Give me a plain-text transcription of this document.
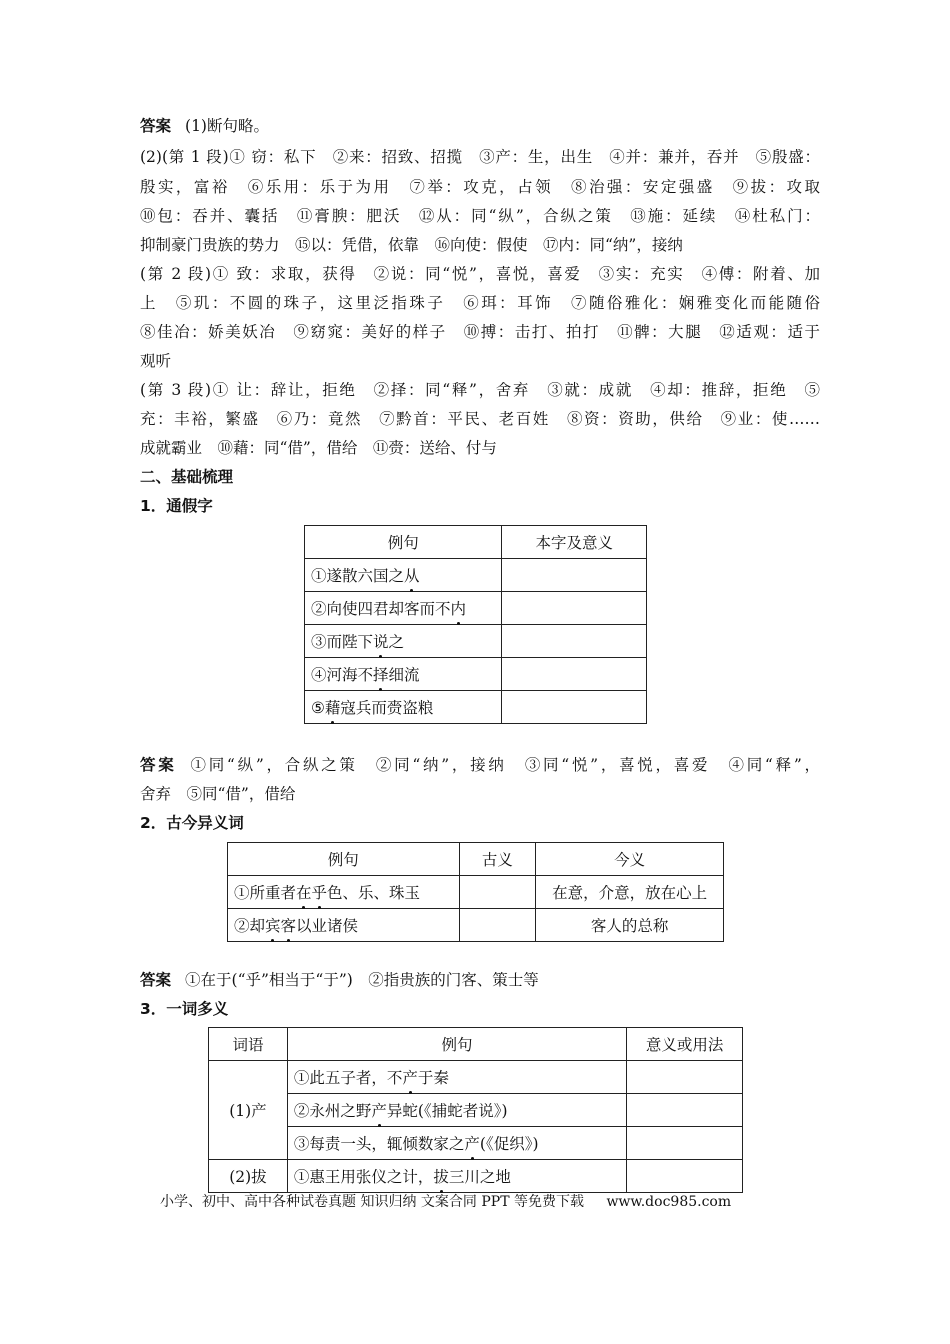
答案 (1)断句略。
(2)(第 1 段)① 窃：私下　②来：招致、招揽　③产：生，出生　④并：兼并，吞并　⑤殷盛：
殷实，富裕　⑥乐用：乐于为用　⑦举：攻克，占领　⑧治强：安定强盛　⑨拔：攻取
⑩包：吞并、囊括　⑪膏腴：肥沃　⑫从：同“纵”，合纵之策　⑬施：延续　⑭杜私门：
抑制豪门贵族的势力　⑮以：凭借，依靠　⑯向使：假使　⑰内：同“纳”，接纳
(第 2 段)① 致：求取，获得　②说：同“悦”，喜悦，喜爱　③实：充实　④傅：附着、加
上　⑤玑：不圆的珠子，这里泛指珠子　⑥珥：耳饰　⑦随俗雅化：娴雅变化而能随俗
⑧佳冶：娇美妖冶　⑨窈窕：美好的样子　⑩搏：击打、拍打　⑪髀：大腿　⑫适观：适于
观听
(第 3 段)① 让：辞让，拒绝　②择：同“释”，舍弃　③就：成就　④却：推辞，拒绝　⑤
充：丰裕，繁盛　⑥乃：竟然　⑦黔首：平民、老百姓　⑧资：资助，供给　⑨业：使……
成就霸业　⑩藉：同“借”，借给　⑪赍：送给、付与
二、基础梳理
1．通假字
例句	本字及意义
①遂散六国之从	
②向使四君却客而不内	
③而陛下说之	
④河海不择细流	
⑤藉寇兵而赍盗粮	
答案 ①同“纵”，合纵之策　②同“纳”，接纳　③同“悦”，喜悦，喜爱　④同“释”，
舍弃　⑤同“借”，借给
2．古今异义词
例句	古义	今义
①所重者在乎色、乐、珠玉		在意，介意，放在心上
②却宾客以业诸侯		客人的总称
答案 ①在于(“乎”相当于“于”)　②指贵族的门客、策士等
3．一词多义
词语	例句	意义或用法
(1)产	①此五子者，不产于秦	
	②永州之野产异蛇(《捕蛇者说》)	
	③每责一头，辄倾数家之产(《促织》)	
(2)拔	①惠王用张仪之计，拔三川之地	
小学、初中、高中各种试卷真题 知识归纳 文案合同 PPT 等免费下载 www.doc985.com
